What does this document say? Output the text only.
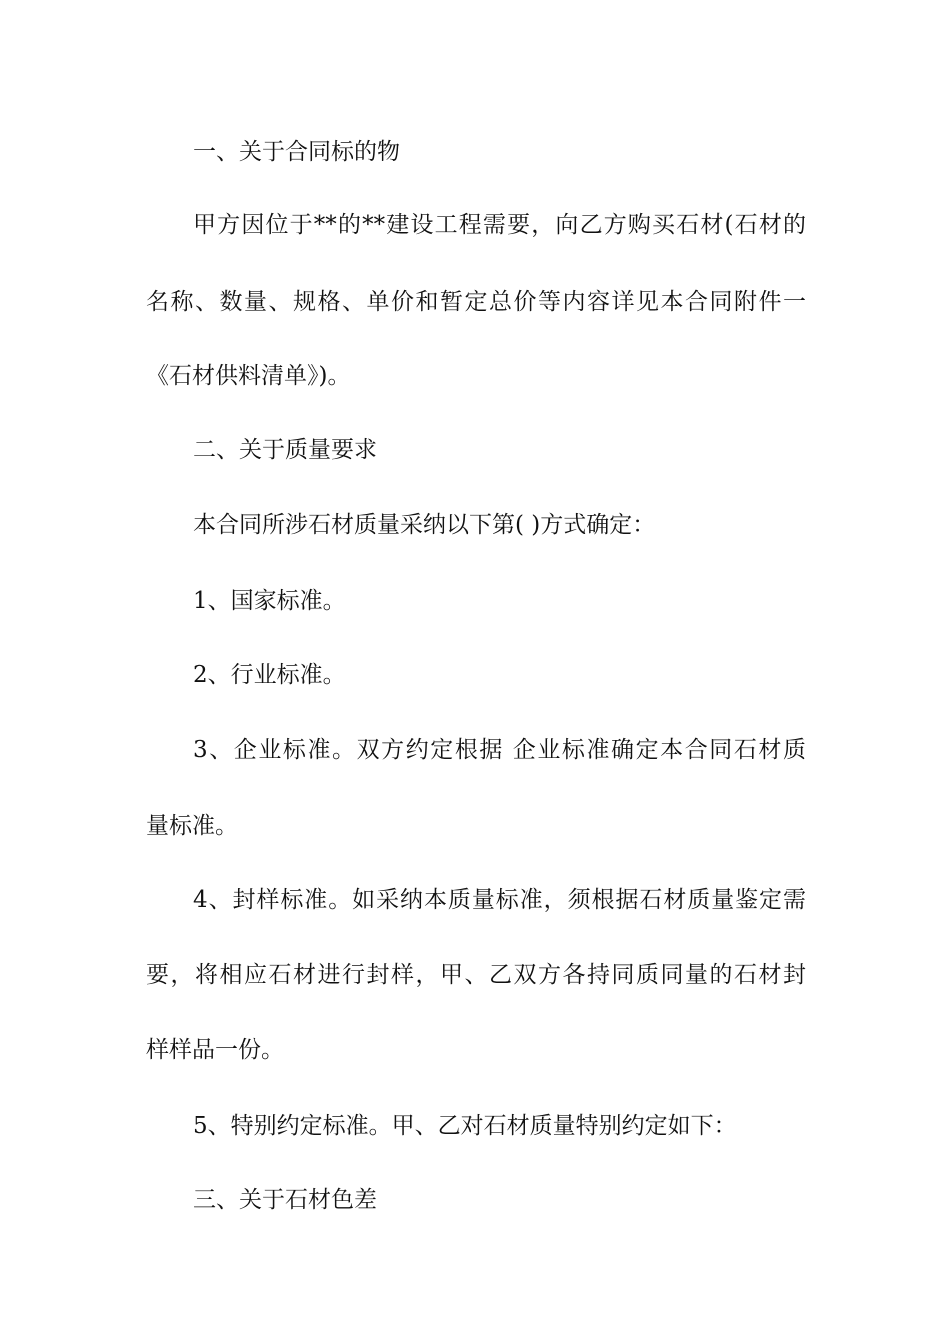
一、关于合同标的物
甲方因位于**的**建设工程需要，向乙方购买石材(石材的
名称、数量、规格、单价和暂定总价等内容详见本合同附件一
《石材供料清单》)。
二、关于质量要求
本合同所涉石材质量采纳以下第( )方式确定：
1、国家标准。
2、行业标准。
3、企业标准。双方约定根据 企业标准确定本合同石材质
量标准。
4、封样标准。如采纳本质量标准，须根据石材质量鉴定需
要，将相应石材进行封样，甲、乙双方各持同质同量的石材封
样样品一份。
5、特别约定标准。甲、乙对石材质量特别约定如下：
三、关于石材色差
